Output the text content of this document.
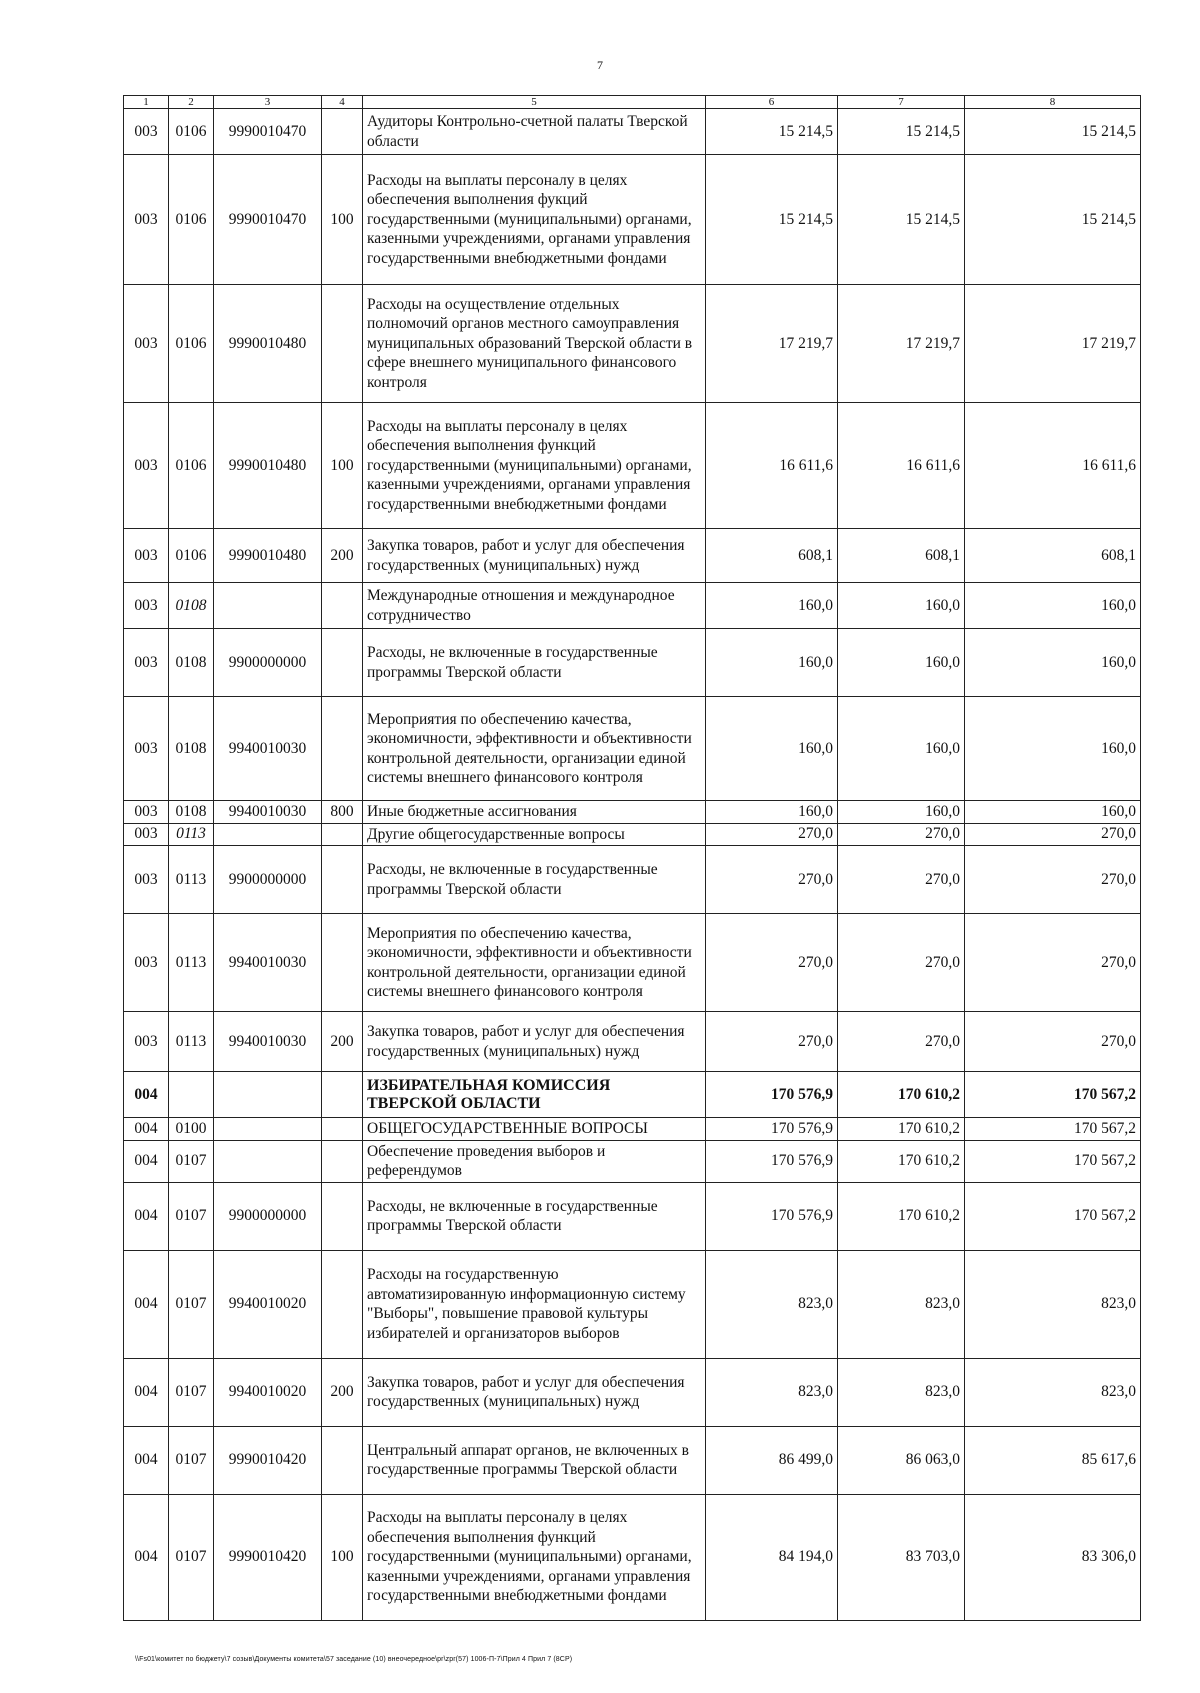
7
1	2	3	4	5	6	7	8
003	0106	9990010470		Аудиторы Контрольно-счетной палаты Тверской области	15 214,5	15 214,5	15 214,5
003	0106	9990010470	100	Расходы на выплаты персоналу в целях обеспечения выполнения фукций государственными (муниципальными) органами, казенными учреждениями, органами управления государственными внебюджетными фондами	15 214,5	15 214,5	15 214,5
003	0106	9990010480		Расходы на осуществление отдельных полномочий органов местного самоуправления муниципальных образований Тверской области в сфере внешнего муниципального финансового контроля	17 219,7	17 219,7	17 219,7
003	0106	9990010480	100	Расходы на выплаты персоналу в целях обеспечения выполнения функций государственными (муниципальными) органами, казенными учреждениями, органами управления государственными внебюджетными фондами	16 611,6	16 611,6	16 611,6
003	0106	9990010480	200	Закупка товаров, работ и услуг для обеспечения государственных (муниципальных) нужд	608,1	608,1	608,1
003	0108			Международные отношения и международное сотрудничество	160,0	160,0	160,0
003	0108	9900000000		Расходы, не включенные в государственные программы Тверской области	160,0	160,0	160,0
003	0108	9940010030		Мероприятия по обеспечению качества, экономичности, эффективности и объективности контрольной деятельности, организации единой системы внешнего финансового контроля	160,0	160,0	160,0
003	0108	9940010030	800	Иные бюджетные ассигнования	160,0	160,0	160,0
003	0113			Другие общегосударственные вопросы	270,0	270,0	270,0
003	0113	9900000000		Расходы, не включенные в государственные программы Тверской области	270,0	270,0	270,0
003	0113	9940010030		Мероприятия по обеспечению качества, экономичности, эффективности и объективности контрольной деятельности, организации единой системы внешнего финансового контроля	270,0	270,0	270,0
003	0113	9940010030	200	Закупка товаров, работ и услуг для обеспечения государственных (муниципальных) нужд	270,0	270,0	270,0
004				ИЗБИРАТЕЛЬНАЯ КОМИССИЯ ТВЕРСКОЙ ОБЛАСТИ	170 576,9	170 610,2	170 567,2
004	0100			ОБЩЕГОСУДАРСТВЕННЫЕ ВОПРОСЫ	170 576,9	170 610,2	170 567,2
004	0107			Обеспечение проведения выборов и референдумов	170 576,9	170 610,2	170 567,2
004	0107	9900000000		Расходы, не включенные в государственные программы Тверской области	170 576,9	170 610,2	170 567,2
004	0107	9940010020		Расходы на государственную автоматизированную информационную систему "Выборы", повышение правовой культуры избирателей и организаторов выборов	823,0	823,0	823,0
004	0107	9940010020	200	Закупка товаров, работ и услуг для обеспечения государственных (муниципальных) нужд	823,0	823,0	823,0
004	0107	9990010420		Центральный аппарат органов, не включенных в государственные программы Тверской области	86 499,0	86 063,0	85 617,6
004	0107	9990010420	100	Расходы на выплаты персоналу в целях обеспечения выполнения функций государственными (муниципальными) органами, казенными учреждениями, органами управления государственными внебюджетными фондами	84 194,0	83 703,0	83 306,0
\\Fs01\комитет по бюджету\7 созыв\Документы комитета\57 заседание (10) внеочередное\pr\zpr(57) 1006-П-7\Прил 4 Прил 7 (8СР)
